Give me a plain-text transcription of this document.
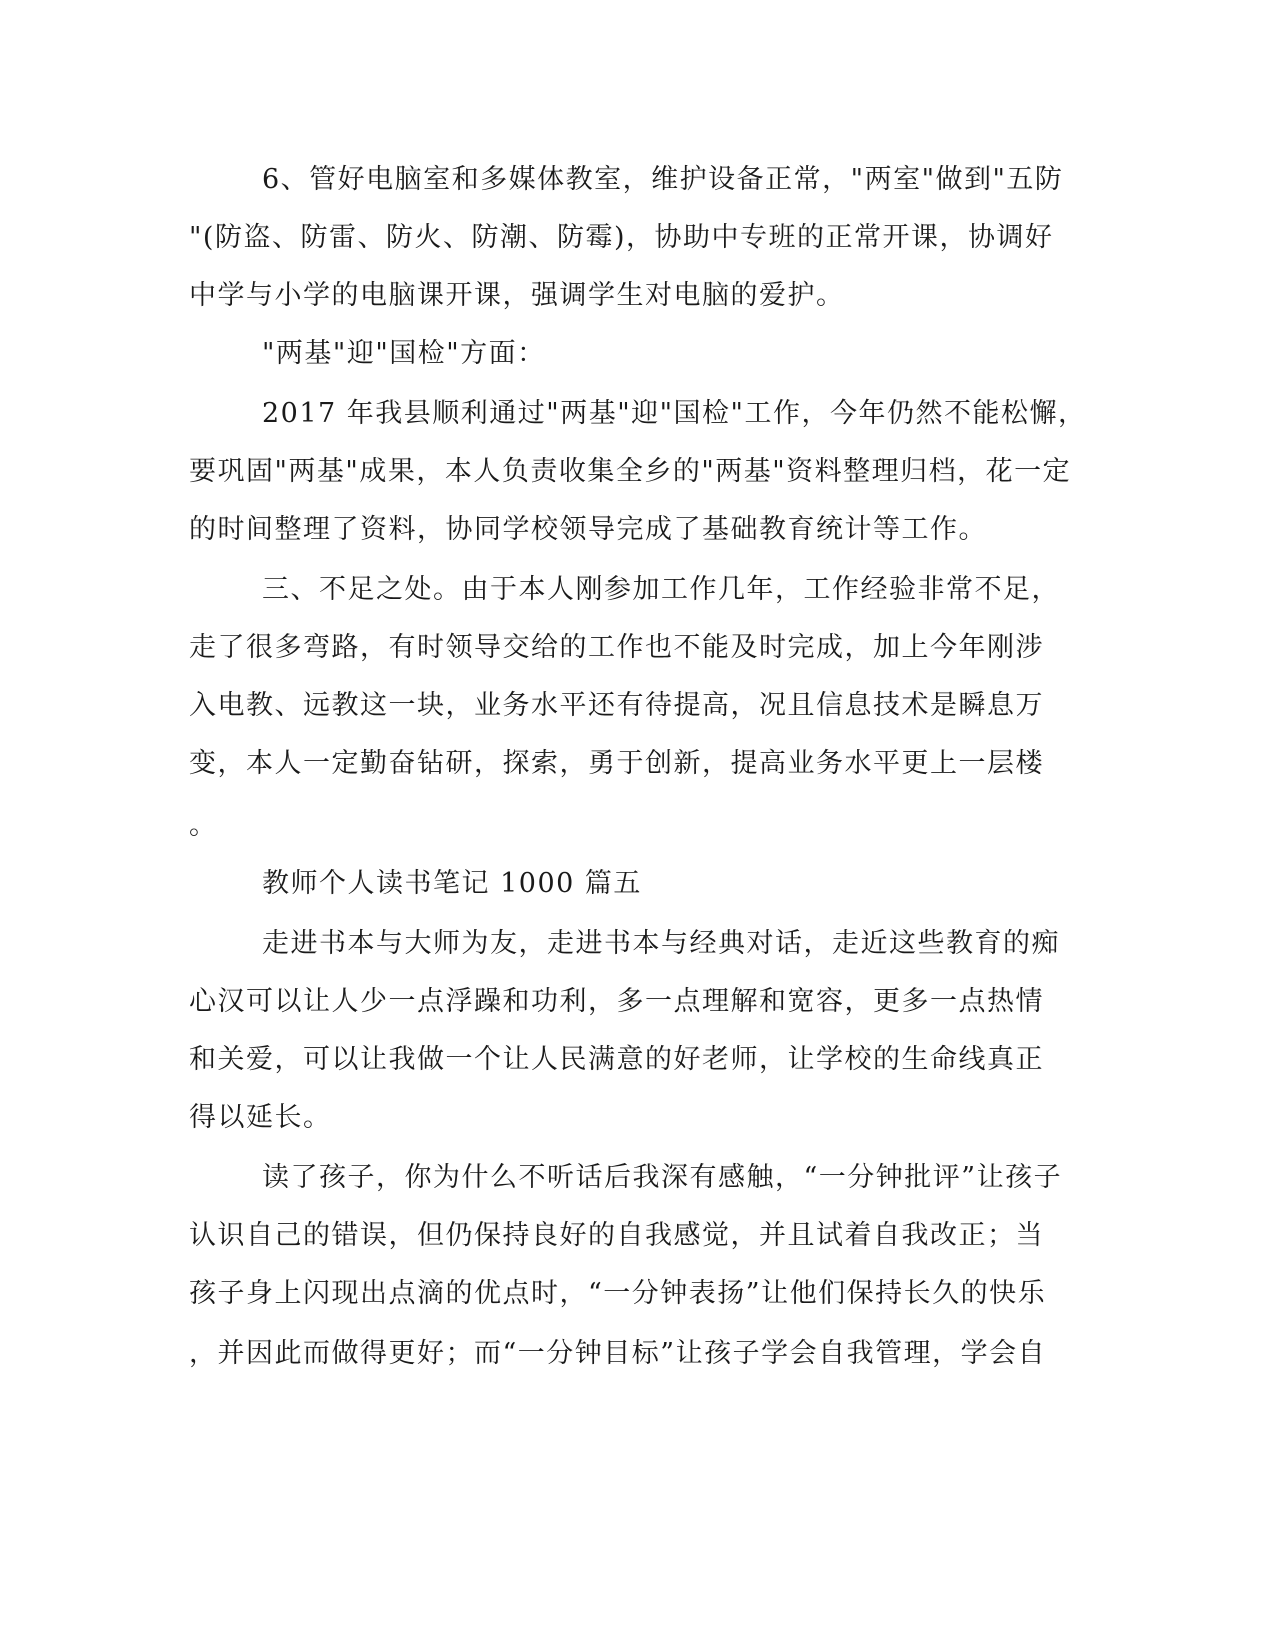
6、管好电脑室和多媒体教室，维护设备正常，"两室"做到"五防
"(防盗、防雷、防火、防潮、防霉)，协助中专班的正常开课，协调好
中学与小学的电脑课开课，强调学生对电脑的爱护。
"两基"迎"国检"方面：
2017 年我县顺利通过"两基"迎"国检"工作，今年仍然不能松懈，
要巩固"两基"成果，本人负责收集全乡的"两基"资料整理归档，花一定
的时间整理了资料，协同学校领导完成了基础教育统计等工作。
三、不足之处。由于本人刚参加工作几年，工作经验非常不足，
走了很多弯路，有时领导交给的工作也不能及时完成，加上今年刚涉
入电教、远教这一块，业务水平还有待提高，况且信息技术是瞬息万
变，本人一定勤奋钻研，探索，勇于创新，提高业务水平更上一层楼
。
教师个人读书笔记 1000 篇五
走进书本与大师为友，走进书本与经典对话，走近这些教育的痴
心汉可以让人少一点浮躁和功利，多一点理解和宽容，更多一点热情
和关爱，可以让我做一个让人民满意的好老师，让学校的生命线真正
得以延长。
读了孩子，你为什么不听话后我深有感触，“一分钟批评”让孩子
认识自己的错误，但仍保持良好的自我感觉，并且试着自我改正；当
孩子身上闪现出点滴的优点时，“一分钟表扬”让他们保持长久的快乐
，并因此而做得更好；而“一分钟目标”让孩子学会自我管理，学会自
